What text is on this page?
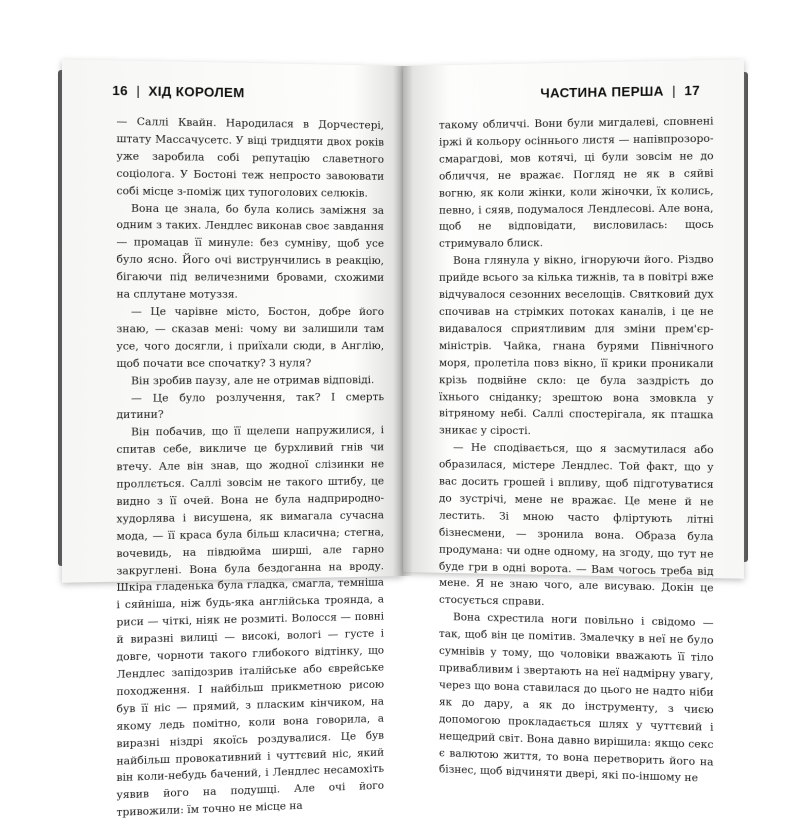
16 | ХІД КОРОЛЕМ

— Саллі Квайн. Народилася в Дорчестері, штату Массачусетс. У віці тридцяти двох років уже заробила собі репутацію славетного соціолога. У Бостоні теж непросто завоювати собі місце з-поміж цих тупоголових селюків.

Вона це знала, бо була колись заміжня за одним з таких. Лендлес виконав своє завдання — промацав її минуле: без сумніву, щоб усе було ясно. Його очі виструнчились в реакцію, бігаючи під величезними бровами, схожими на сплутане мотуззя.

— Це чарівне місто, Бостон, добре його знаю, — сказав мені: чому ви залишили там усе, чого досягли, і приїхали сюди, в Англію, щоб почати все спочатку? З нуля?

Він зробив паузу, але не отримав відповіді.

— Це було розлучення, так? І смерть дитини?

Він побачив, що її щелепи напружилися, і спитав себе, викличе це бурхливий гнів чи втечу. Але він знав, що жодної слізинки не проллється. Саллі зовсім не такого штибу, це видно з її очей. Вона не була надприродно-худорлява і висушена, як вимагала сучасна мода, — її краса була більш класична; стегна, вочевидь, на півдюйма ширші, але гарно закруглені. Вона була бездоганна на вроду. Шкіра гладенька була гладка, смагла, темніша і сяйніша, ніж будь-яка англійська троянда, а риси — чіткі, ніяк не розмиті. Волосся — повні й виразні вилиці — високі, вологі — густе і довге, чорноти такого глибокого відтінку, що Лендлес запідозрив італійське або єврейське походження. І найбільш прикметною рисою був її ніс — прямий, з пласким кінчиком, на якому ледь помітно, коли вона говорила, а виразні ніздрі якоїсь роздувалися. Це був найбільш провокативний і чуттєвий ніс, який він коли-небудь бачений, і Лендлес несамохіть уявив його на подушці. Але очі його тривожили: їм точно не місце на

ЧАСТИНА ПЕРША | 17

такому обличчі. Вони були мигдалеві, сповнені іржі й кольору осіннього листя — напівпрозоро-смарагдові, мов котячі, ці були зовсім не до обличчя, не вражає. Погляд не як в сяйві вогню, як коли жінки, коли жіночки, їх колись, певно, і сяяв, подумалося Лендлесові. Але вона, щоб не відповідати, висловилась: щось стримувало блиск.

Вона глянула у вікно, ігноруючи його. Різдво прийде всього за кілька тижнів, та в повітрі вже відчувалося сезонних веселощів. Святковий дух спочивав на стрімких потоках каналів, і це не видавалося сприятливим для зміни прем'єр-міністрів. Чайка, гнана бурями Північного моря, пролетіла повз вікно, її крики проникали крізь подвійне скло: це була заздрість до їхнього сніданку; зрештою вона змовкла у вітряному небі. Саллі спостерігала, як пташка зникає у сірості.

— Не сподівається, що я засмутилася або образилася, містере Лендлес. Той факт, що у вас досить грошей і впливу, щоб підготуватися до зустрічі, мене не вражає. Це мене й не лестить. Зі мною часто фліртують літні бізнесмени, — зронила вона. Образа була продумана: чи одне одному, на згоду, що тут не буде гри в одні ворота. — Вам чогось треба від мене. Я не знаю чого, але висуваю. Докін це стосується справи.

Вона схрестила ноги повільно і свідомо — так, щоб він це помітив. Змалечку в неї не було сумнівів у тому, що чоловіки вважають її тіло привабливим і звертають на неї надмірну увагу, через що вона ставилася до цього не надто ніби як до дару, а як до інструменту, з чиєю допомогою прокладається шлях у чуттєвий і нещедрий світ. Вона давно вирішила: якщо секс є валютою життя, то вона перетворить його на бізнес, щоб відчиняти двері, які по-іншому не
